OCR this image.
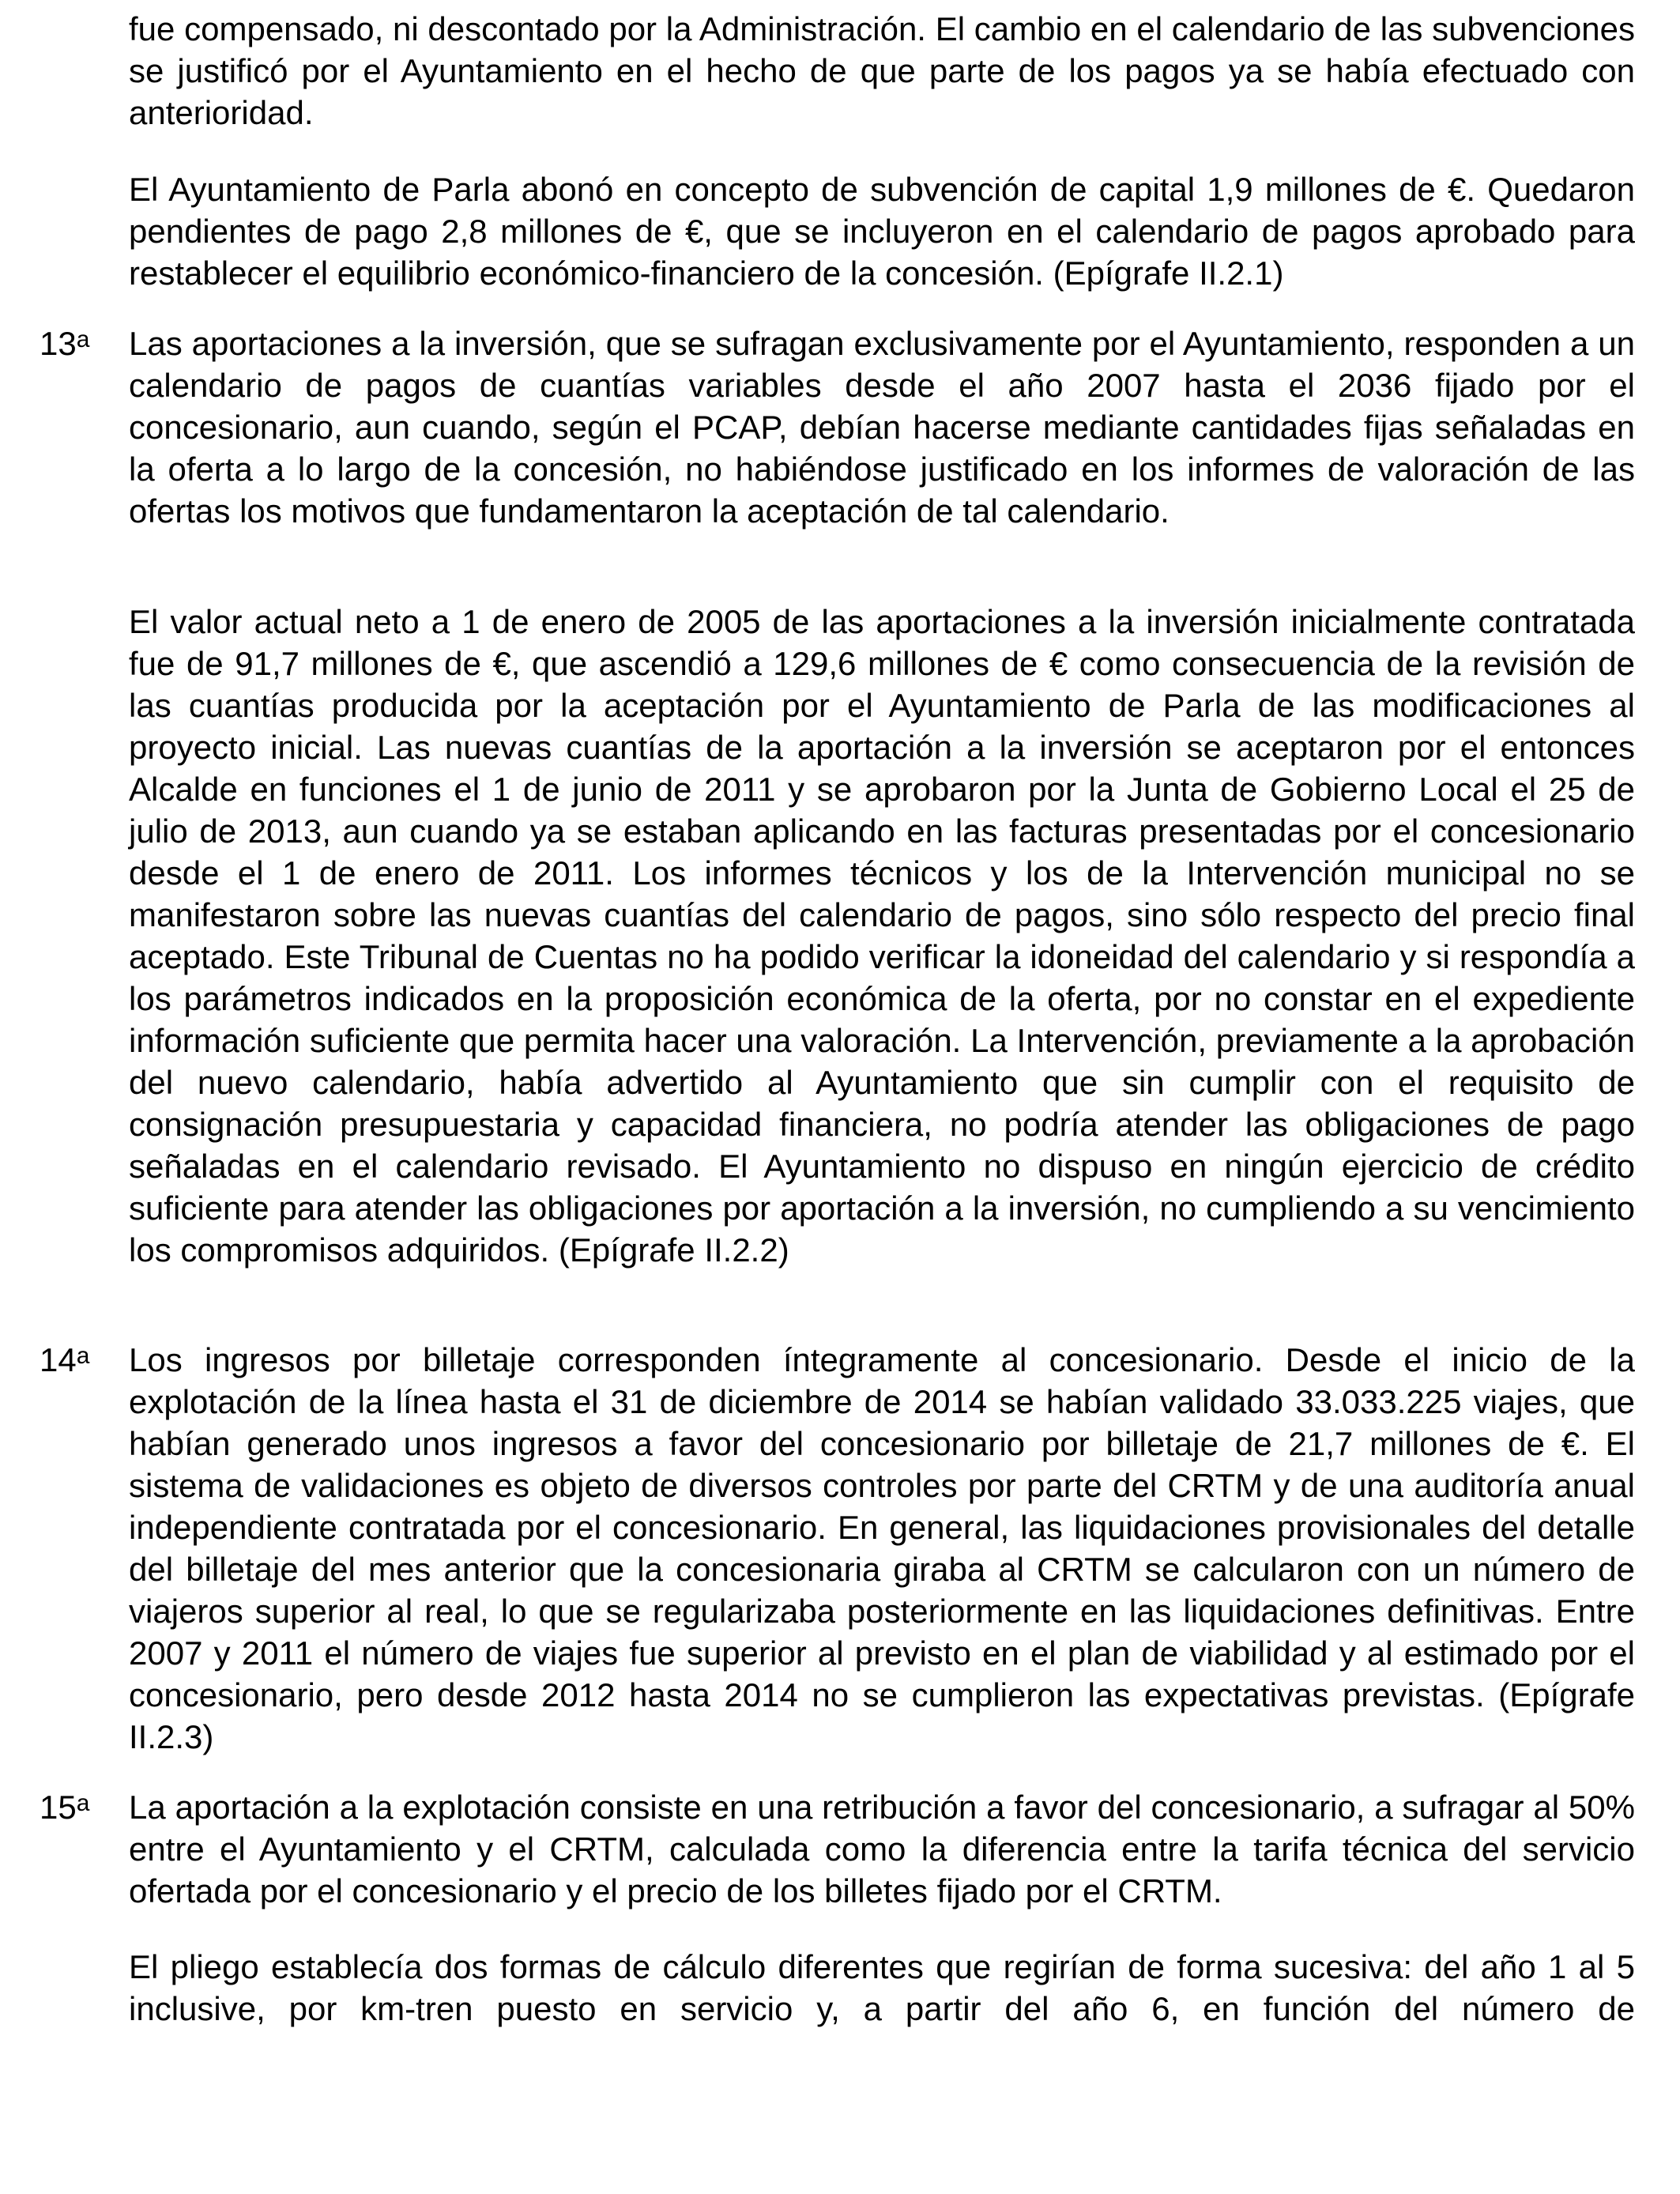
fue compensado, ni descontado por la Administración. El cambio en el calendario de las subvenciones se justificó por el Ayuntamiento en el hecho de que parte de los pagos ya se había efectuado con anterioridad.

El Ayuntamiento de Parla abonó en concepto de subvención de capital 1,9 millones de €. Quedaron pendientes de pago 2,8 millones de €, que se incluyeron en el calendario de pagos aprobado para restablecer el equilibrio económico-financiero de la concesión. (Epígrafe II.2.1)

13$^a$ Las aportaciones a la inversión, que se sufragan exclusivamente por el Ayuntamiento, responden a un calendario de pagos de cuantías variables desde el año 2007 hasta el 2036 fijado por el concesionario, aun cuando, según el PCAP, debían hacerse mediante cantidades fijas señaladas en la oferta a lo largo de la concesión, no habiéndose justificado en los informes de valoración de las ofertas los motivos que fundamentaron la aceptación de tal calendario.

El valor actual neto a 1 de enero de 2005 de las aportaciones a la inversión inicialmente contratada fue de 91,7 millones de €, que ascendió a 129,6 millones de € como consecuencia de la revisión de las cuantías producida por la aceptación por el Ayuntamiento de Parla de las modificaciones al proyecto inicial. Las nuevas cuantías de la aportación a la inversión se aceptaron por el entonces Alcalde en funciones el 1 de junio de 2011 y se aprobaron por la Junta de Gobierno Local el 25 de julio de 2013, aun cuando ya se estaban aplicando en las facturas presentadas por el concesionario desde el 1 de enero de 2011. Los informes técnicos y los de la Intervención municipal no se manifestaron sobre las nuevas cuantías del calendario de pagos, sino sólo respecto del precio final aceptado. Este Tribunal de Cuentas no ha podido verificar la idoneidad del calendario y si respondía a los parámetros indicados en la proposición económica de la oferta, por no constar en el expediente información suficiente que permita hacer una valoración. La Intervención, previamente a la aprobación del nuevo calendario, había advertido al Ayuntamiento que sin cumplir con el requisito de consignación presupuestaria y capacidad financiera, no podría atender las obligaciones de pago señaladas en el calendario revisado. El Ayuntamiento no dispuso en ningún ejercicio de crédito suficiente para atender las obligaciones por aportación a la inversión, no cumpliendo a su vencimiento los compromisos adquiridos. (Epígrafe II.2.2)

14$^a$ Los ingresos por billetaje corresponden íntegramente al concesionario. Desde el inicio de la explotación de la línea hasta el 31 de diciembre de 2014 se habían validado 33.033.225 viajes, que habían generado unos ingresos a favor del concesionario por billetaje de 21,7 millones de €. El sistema de validaciones es objeto de diversos controles por parte del CRTM y de una auditoría anual independiente contratada por el concesionario. En general, las liquidaciones provisionales del detalle del billetaje del mes anterior que la concesionaria giraba al CRTM se calcularon con un número de viajeros superior al real, lo que se regularizaba posteriormente en las liquidaciones definitivas. Entre 2007 y 2011 el número de viajes fue superior al previsto en el plan de viabilidad y al estimado por el concesionario, pero desde 2012 hasta 2014 no se cumplieron las expectativas previstas. (Epígrafe II.2.3)

15$^a$ La aportación a la explotación consiste en una retribución a favor del concesionario, a sufragar al 50% entre el Ayuntamiento y el CRTM, calculada como la diferencia entre la tarifa técnica del servicio ofertada por el concesionario y el precio de los billetes fijado por el CRTM.

El pliego establecía dos formas de cálculo diferentes que regirían de forma sucesiva: del año 1 al 5 inclusive, por km-tren puesto en servicio y, a partir del año 6, en función del número de
